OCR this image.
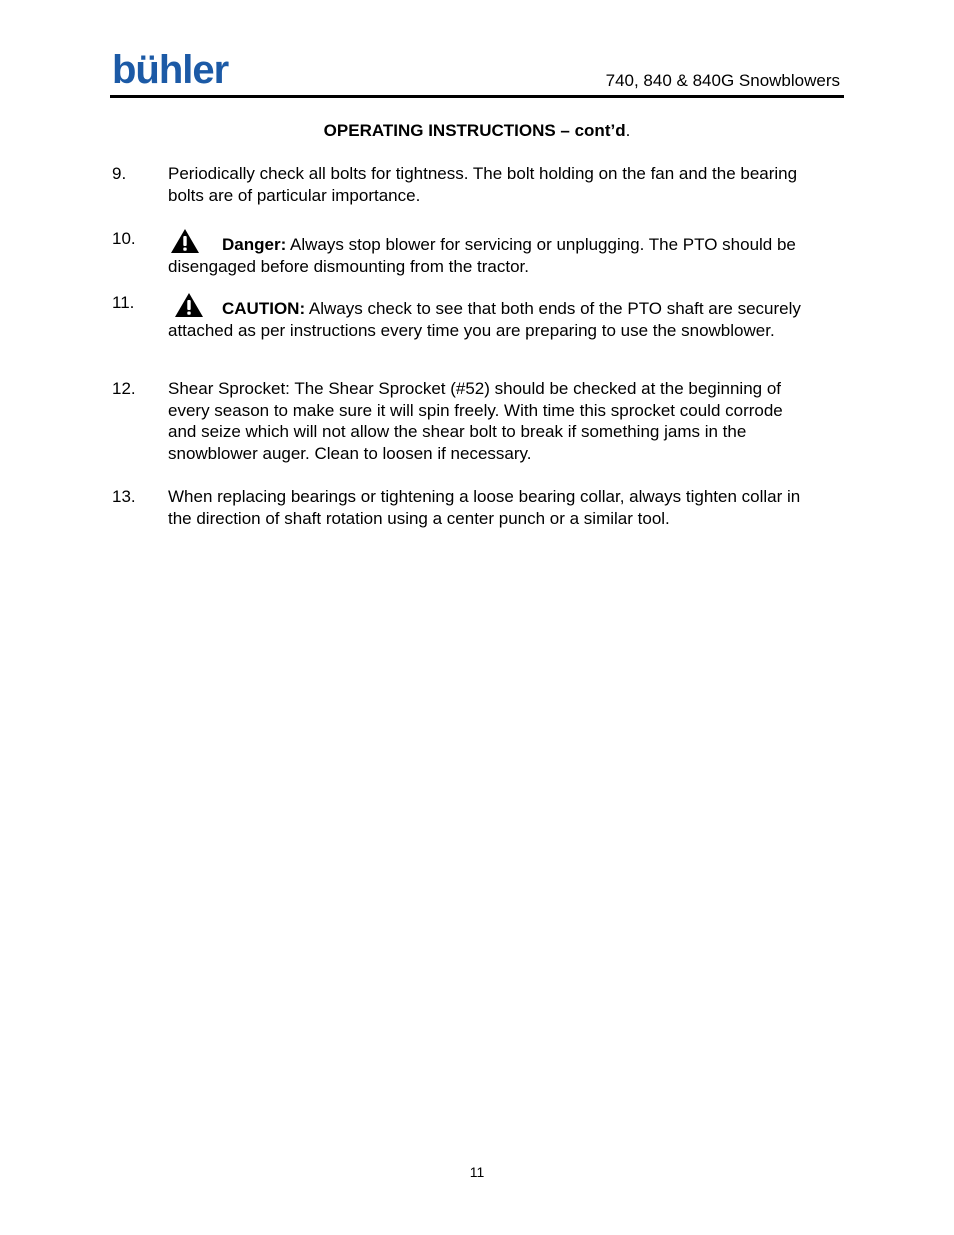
bühler	740, 840 & 840G Snowblowers
OPERATING INSTRUCTIONS – cont’d.
9. Periodically check all bolts for tightness. The bolt holding on the fan and the bearing bolts are of particular importance.
10.	Danger: Always stop blower for servicing or unplugging. The PTO should be disengaged before dismounting from the tractor.
11.	CAUTION: Always check to see that both ends of the PTO shaft are securely attached as per instructions every time you are preparing to use the snowblower.
12. Shear Sprocket: The Shear Sprocket (#52) should be checked at the beginning of every season to make sure it will spin freely. With time this sprocket could corrode and seize which will not allow the shear bolt to break if something jams in the snowblower auger. Clean to loosen if necessary.
13. When replacing bearings or tightening a loose bearing collar, always tighten collar in the direction of shaft rotation using a center punch or a similar tool.
11
